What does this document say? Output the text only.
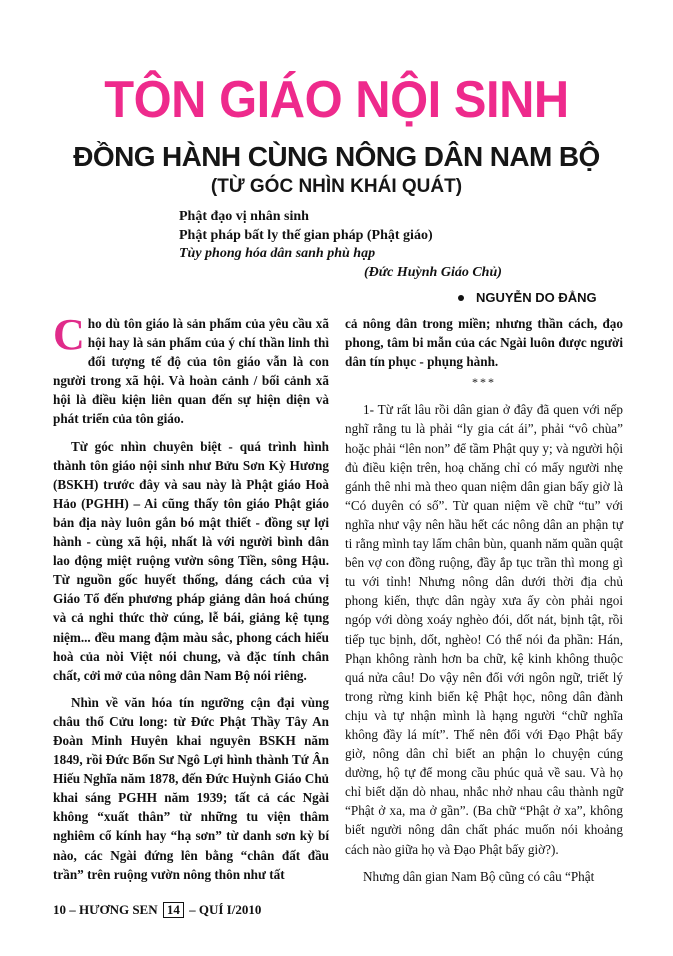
TÔN GIÁO NỘI SINH
ĐỒNG HÀNH CÙNG NÔNG DÂN NAM BỘ
(TỪ GÓC NHÌN KHÁI QUÁT)
Phật đạo vị nhân sinh
Phật pháp bất ly thế gian pháp (Phật giáo)
Tùy phong hóa dân sanh phù hạp
(Đức Huỳnh Giáo Chủ)
NGUYỄN DO ĐẲNG

Cho dù tôn giáo là sản phẩm của yêu cầu xã hội hay là sản phẩm của ý chí thần linh thì đối tượng tế độ của tôn giáo vẫn là con người trong xã hội. Và hoàn cảnh / bối cảnh xã hội là điều kiện liên quan đến sự hiện diện và phát triển của tôn giáo.

Từ góc nhìn chuyên biệt - quá trình hình thành tôn giáo nội sinh như Bửu Sơn Kỳ Hương (BSKH) trước đây và sau này là Phật giáo Hoà Hảo (PGHH) – Ai cũng thấy tôn giáo Phật giáo bản địa này luôn gắn bó mật thiết - đồng sự lợi hành - cùng xã hội, nhất là với người bình dân lao động miệt ruộng vườn sông Tiền, sông Hậu. Từ nguồn gốc huyết thống, dáng cách của vị Giáo Tổ đến phương pháp giảng dân hoá chúng và cả nghi thức thờ cúng, lễ bái, giảng kệ tụng niệm... đều mang đậm màu sắc, phong cách hiếu hoà của nòi Việt nói chung, và đặc tính chân chất, cởi mở của nông dân Nam Bộ nói riêng.

Nhìn về văn hóa tín ngưỡng cận đại vùng châu thổ Cửu long: từ Đức Phật Thầy Tây An Đoàn Minh Huyên khai nguyên BSKH năm 1849, rồi Đức Bổn Sư Ngô Lợi hình thành Tứ Ân Hiếu Nghĩa năm 1878, đến Đức Huỳnh Giáo Chủ khai sáng PGHH năm 1939; tất cả các Ngài không “xuất thân” từ những tu viện thâm nghiêm cổ kính hay “hạ sơn” từ danh sơn kỳ bí nào, các Ngài đứng lên bằng “chân đất đầu trần” trên ruộng vườn nông thôn như tất

cả nông dân trong miền; nhưng thần cách, đạo phong, tâm bi mẫn của các Ngài luôn được người dân tín phục - phụng hành.

***

1- Từ rất lâu rồi dân gian ở đây đã quen với nếp nghĩ rằng tu là phải “ly gia cát ái”, phải “vô chùa” hoặc phải “lên non” để tầm Phật quy y; và người hội đủ điều kiện trên, hoạ chăng chỉ có mấy người nhẹ gánh thê nhi mà theo quan niệm dân gian bấy giờ là “Có duyên có số”. Từ quan niệm về chữ “tu” với nghĩa như vậy nên hầu hết các nông dân an phận tự ti rằng mình tay lấm chân bùn, quanh năm quần quật bên vợ con đồng ruộng, đầy ắp tục trần thì mong gì tu với tỉnh! Nhưng nông dân dưới thời địa chủ phong kiến, thực dân ngày xưa ấy còn phải ngoi ngóp với dòng xoáy nghèo đói, dốt nát, bịnh tật, rồi tiếp tục bịnh, dốt, nghèo! Có thể nói đa phần: Hán, Phạn không rành hơn ba chữ, kệ kinh không thuộc quá nửa câu! Do vậy nên đối với ngôn ngữ, triết lý trong rừng kinh biển kệ Phật học, nông dân đành chịu và tự nhận mình là hạng người “chữ nghĩa không đầy lá mít”. Thế nên đối với Đạo Phật bấy giờ, nông dân chỉ biết an phận lo chuyện cúng dường, hộ tự để mong cầu phúc quả về sau. Và họ chỉ biết dặn dò nhau, nhắc nhở nhau câu thành ngữ “Phật ở xa, ma ở gần”. (Ba chữ “Phật ở xa”, không biết người nông dân chất phác muốn nói khoảng cách nào giữa họ và Đạo Phật bấy giờ?).

Nhưng dân gian Nam Bộ cũng có câu “Phật

10 – HƯƠNG SEN 14 – QUÍ I/2010
